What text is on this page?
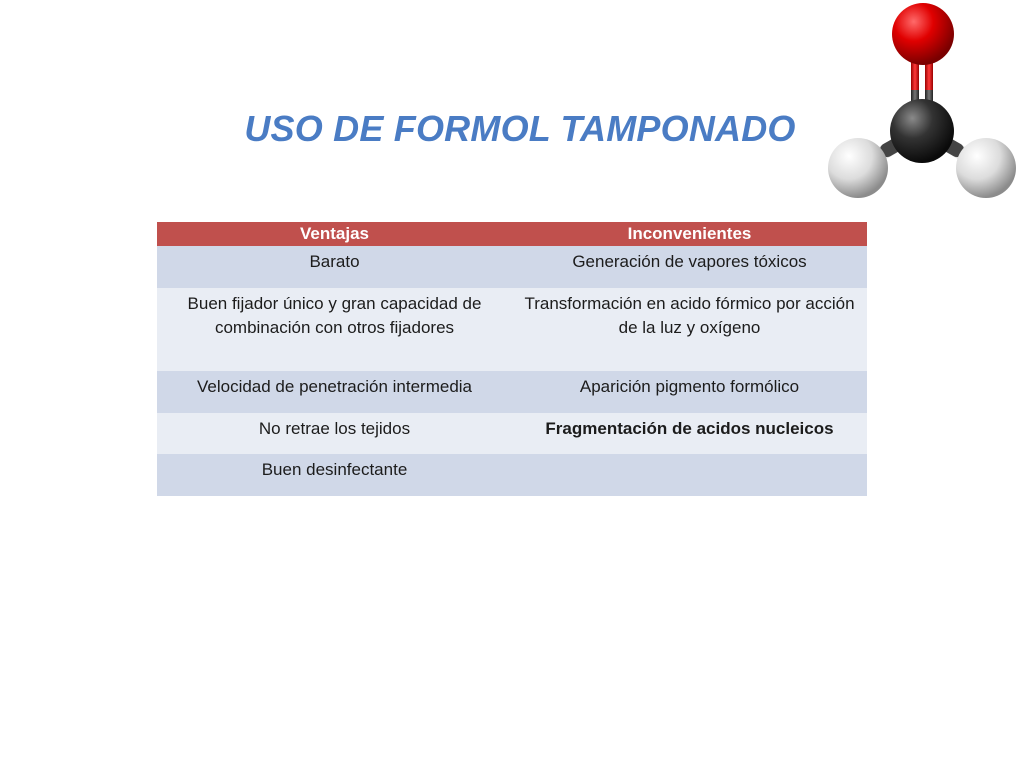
USO DE FORMOL TAMPONADO
Ventajas	Inconvenientes
Barato	Generación de vapores tóxicos
Buen fijador único y gran capacidad de combinación con otros fijadores	Transformación en acido fórmico por acción de la luz y oxígeno
Velocidad de penetración intermedia	Aparición pigmento formólico
No retrae los tejidos	Fragmentación de acidos nucleicos
Buen desinfectante	
